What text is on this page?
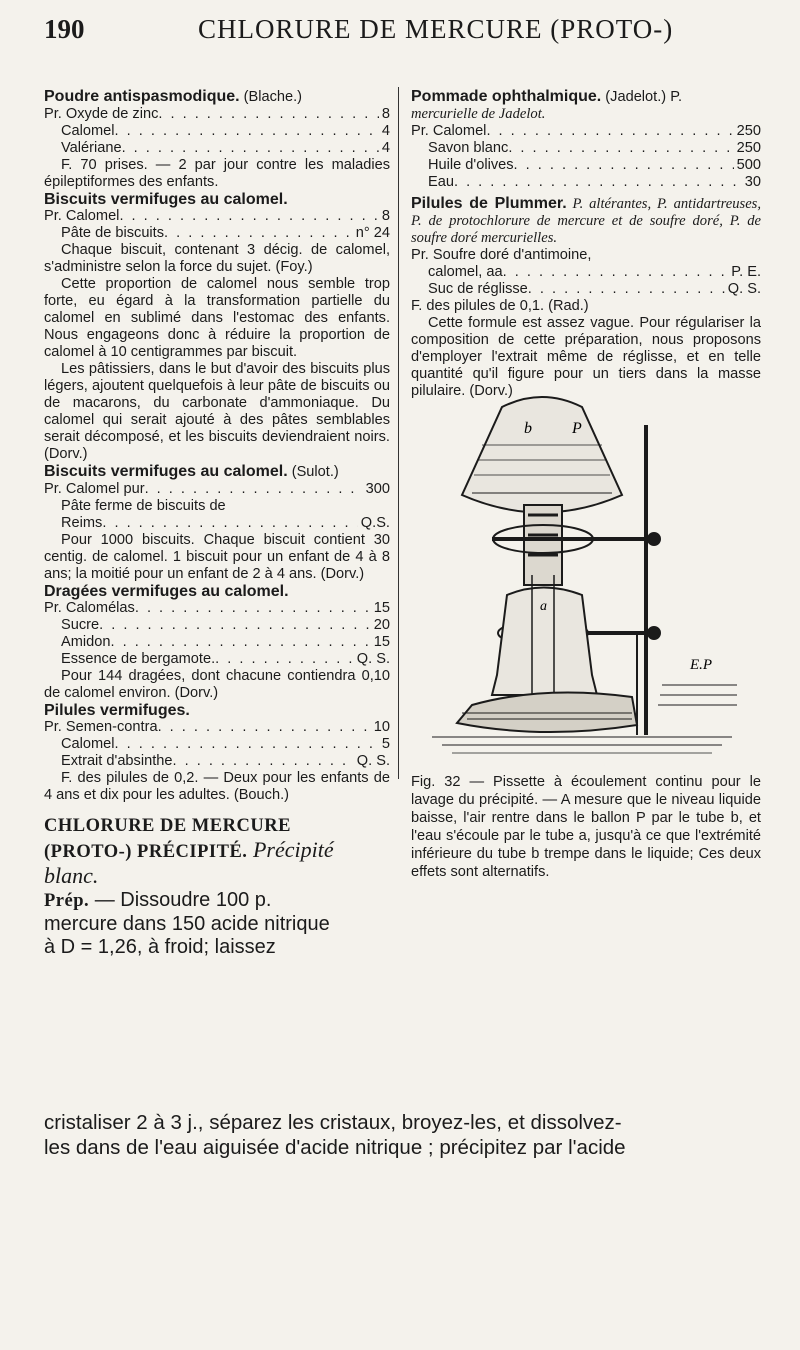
190	CHLORURE DE MERCURE (PROTO-)

Poudre antispasmodique. (Blache.)

Pr. Oxyde de zinc . . .	8
Calomel . . .	4
Valériane . . .	4

F. 70 prises. — 2 par jour contre les maladies épileptiformes des enfants.

Biscuits vermifuges au calomel.

Pr. Calomel . . .	8
Pâte de biscuits . . .	n° 24

Chaque biscuit, contenant 3 décig. de calomel, s'administre selon la force du sujet. (Foy.)

Cette proportion de calomel nous semble trop forte, eu égard à la transformation partielle du calomel en sublimé dans l'estomac des enfants. Nous engageons donc à réduire la proportion de calomel à 10 centigrammes par biscuit.

Les pâtissiers, dans le but d'avoir des biscuits plus légers, ajoutent quelquefois à leur pâte de biscuits ou de macarons, du carbonate d'ammoniaque. Du calomel qui serait ajouté à des pâtes semblables serait décomposé, et les biscuits deviendraient noirs. (Dorv.)

Biscuits vermifuges au calomel. (Sulot.)

Pr. Calomel pur . . .	300
Pâte ferme de biscuits de
Reims . . .	Q.S.

Pour 1000 biscuits. Chaque biscuit contient 30 centig. de calomel. 1 biscuit pour un enfant de 4 à 8 ans; la moitié pour un enfant de 2 à 4 ans. (Dorv.)

Dragées vermifuges au calomel.

Pr. Calomélas . . .	15
Sucre . . .	20
Amidon . . .	15
Essence de bergamote. . . .	Q. S.

Pour 144 dragées, dont chacune contiendra 0,10 de calomel environ. (Dorv.)

Pilules vermifuges.

Pr. Semen-contra . . .	10
Calomel . . .	5
Extrait d'absinthe . . .	Q. S.

F. des pilules de 0,2. — Deux pour les enfants de 4 ans et dix pour les adultes. (Bouch.)

CHLORURE DE MERCURE

(PROTO-) PRÉCIPITÉ. Précipité blanc.

Prép. — Dissoudre 100 p.

mercure dans 150 acide nitrique

à D = 1,26, à froid; laissez

Pommade ophthalmique. (Jadelot.) P.

mercurielle de Jadelot.

Pr. Calomel . . .	250
Savon blanc . . .	250
Huile d'olives . . .	500
Eau . . .	30

Pilules de Plummer. P. altérantes, P. antidartreuses, P. de protochlorure de mercure et de soufre doré, P. de soufre doré mercurielles.

Pr. Soufre doré d'antimoine,
calomel, aa . . .	P. E.
Suc de réglisse . . .	Q. S.

F. des pilules de 0,1. (Rad.)

Cette formule est assez vague. Pour régulariser la composition de cette préparation, nous proposons d'employer l'extrait même de réglisse, et en telle quantité qu'il figure pour un tiers dans la masse pilulaire. (Dorv.)

b	P
a
E.P

Fig. 32 — Pissette à écoulement continu pour le lavage du précipité. — A mesure que le niveau liquide baisse, l'air rentre dans le ballon P par le tube b, et l'eau s'écoule par le tube a, jusqu'à ce que l'extrémité inférieure du tube b trempe dans le liquide; Ces deux effets sont alternatifs.

cristaliser 2 à 3 j., séparez les cristaux, broyez-les, et dissolvez-

les dans de l'eau aiguisée d'acide nitrique ; précipitez par l'acide
